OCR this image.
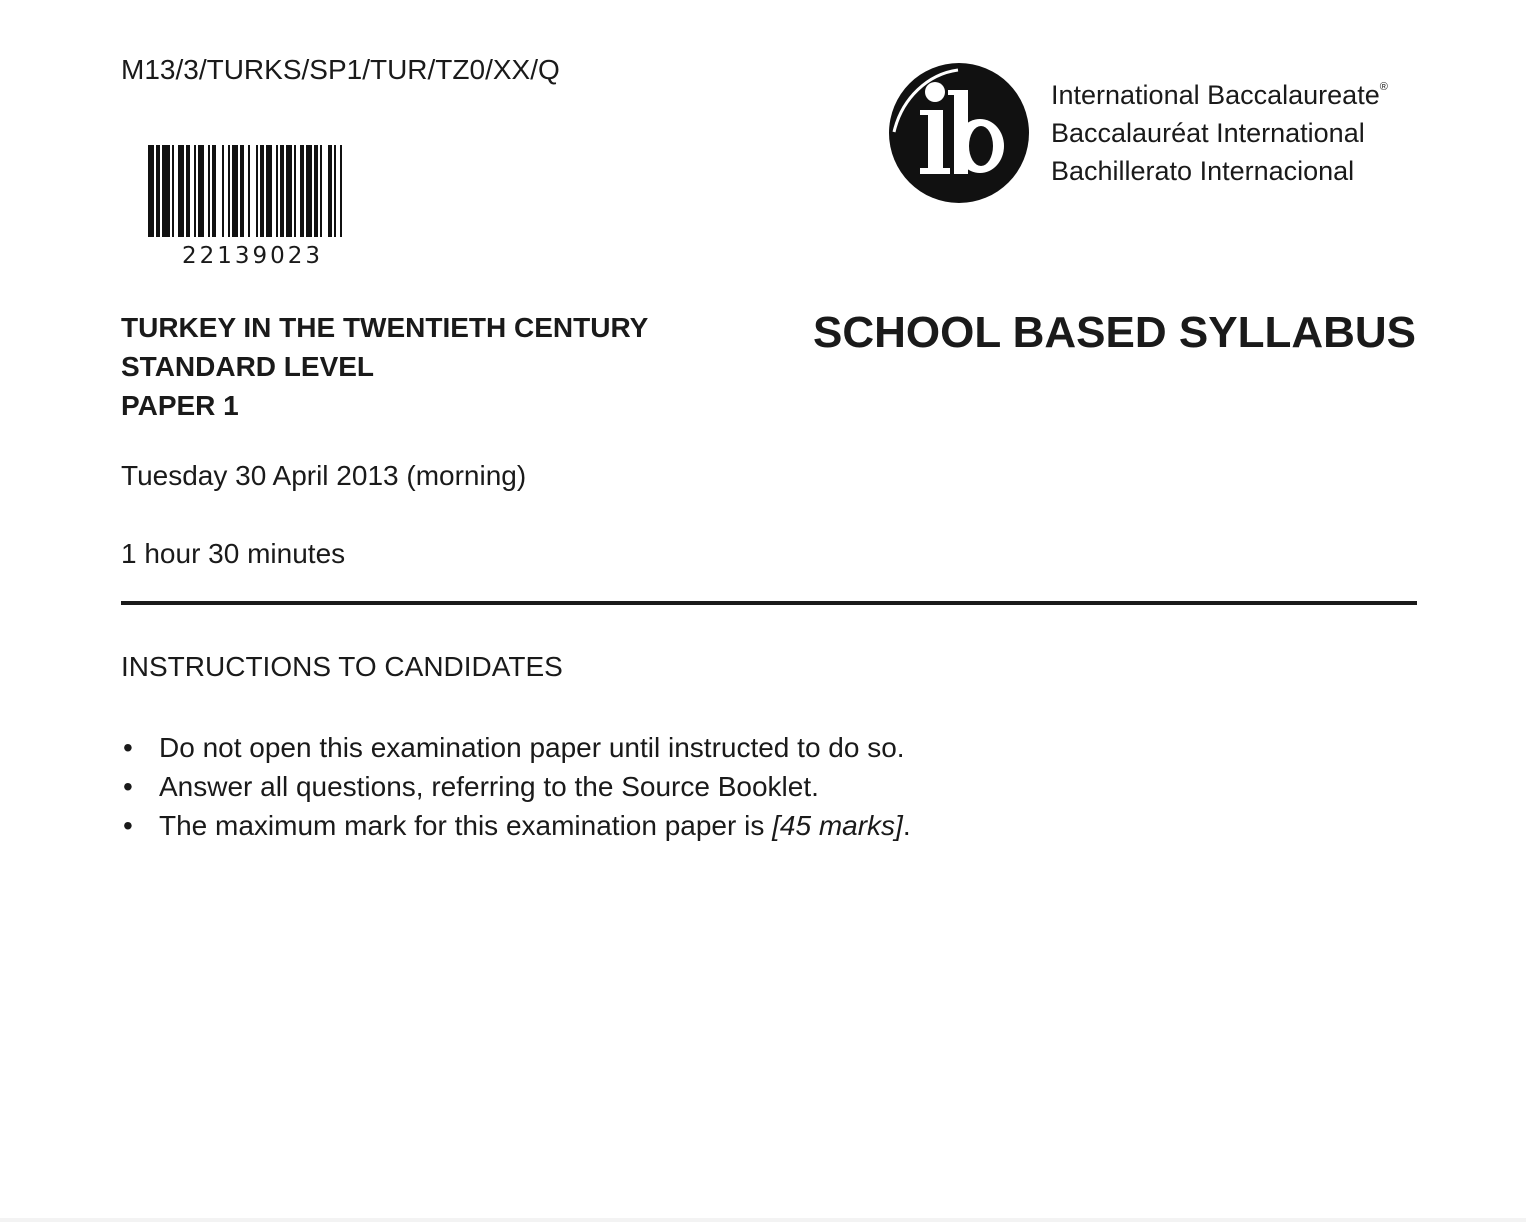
M13/3/TURKS/SP1/TUR/TZ0/XX/Q
22139023
International Baccalaureate®
Baccalauréat International
Bachillerato Internacional
TURKEY IN THE TWENTIETH CENTURY
STANDARD LEVEL
PAPER 1
SCHOOL BASED SYLLABUS
Tuesday 30 April 2013 (morning)
1 hour 30 minutes
INSTRUCTIONS TO CANDIDATES
• Do not open this examination paper until instructed to do so.
• Answer all questions, referring to the Source Booklet.
• The maximum mark for this examination paper is [45 marks].
